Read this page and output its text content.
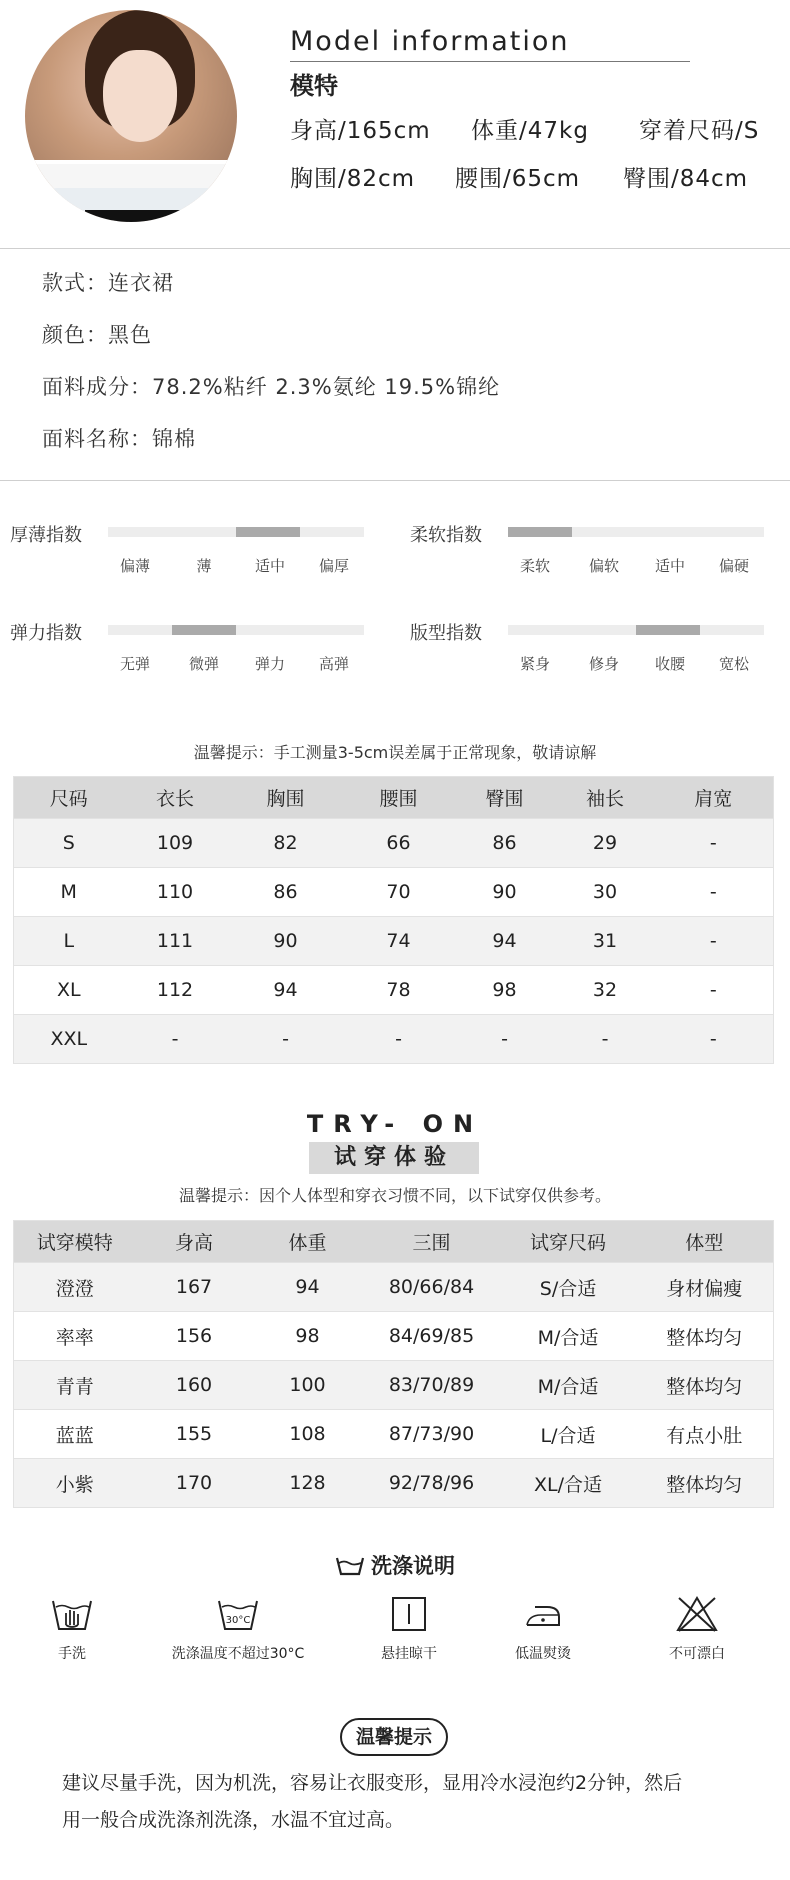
Model information
模特
身高/165cm 体重/47kg 穿着尺码/S
胸围/82cm 腰围/65cm 臀围/84cm
款式：连衣裙
颜色：黑色
面料成分：78.2%粘纤 2.3%氨纶 19.5%锦纶
面料名称：锦棉
厚薄指数
偏薄	薄	适中 偏厚
柔软指数
柔软	偏软 适中 偏硬
弹力指数
无弹	微弹 弹力 高弹
版型指数
紧身	修身 收腰 宽松
温馨提示：手工测量3-5cm误差属于正常现象，敬请谅解
尺码	衣长	胸围	腰围	臀围	袖长	肩宽
S	109	82	66	86	29	-
M	110	86	70	90	30	-
L	111	90	74	94	31	-
XL	112	94	78	98	32	-
XXL	-	-	-	-	-	-
TRY- ON
试穿体验
温馨提示：因个人体型和穿衣习惯不同，以下试穿仅供参考。
试穿模特	身高	体重	三围	试穿尺码	体型
澄澄	167	94	80/66/84	S/合适	身材偏瘦
率率	156	98	84/69/85	M/合适	整体均匀
青青	160	100	83/70/89	M/合适	整体均匀
蓝蓝	155	108	87/73/90	L/合适	有点小肚
小紫	170	128	92/78/96	XL/合适	整体均匀
洗涤说明
手洗
30°C
洗涤温度不超过30°C	悬挂晾干	低温熨烫	不可漂白
温馨提示
建议尽量手洗，因为机洗，容易让衣服变形，显用冷水浸泡约2分钟，然后
用一般合成洗涤剂洗涤，水温不宜过高。
